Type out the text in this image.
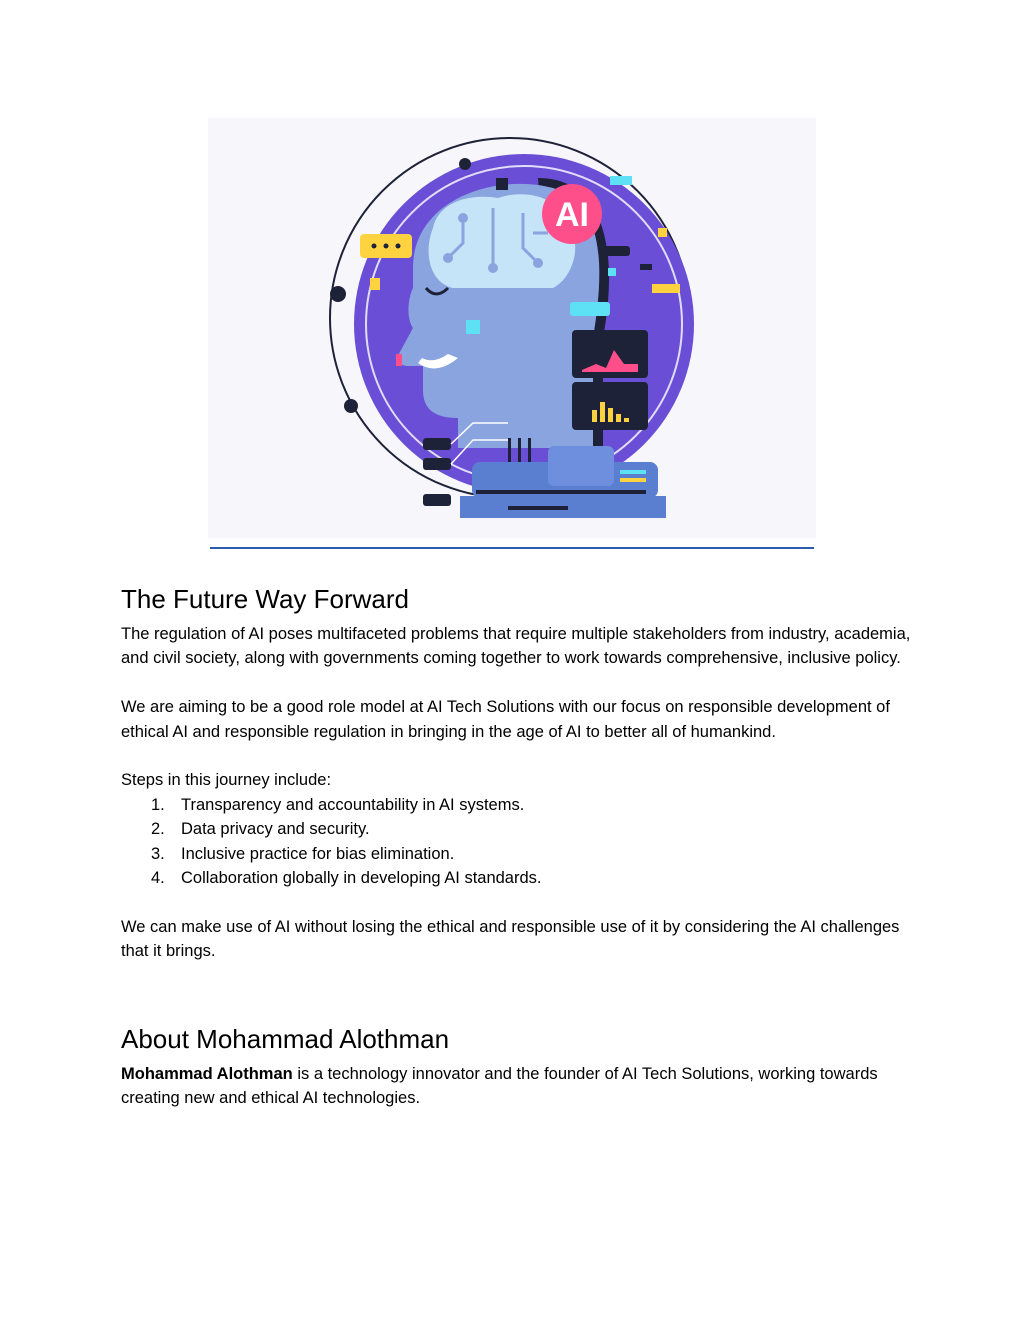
AI
The Future Way Forward

The regulation of AI poses multifaceted problems that require multiple stakeholders from industry, academia, and civil society, along with governments coming together to work towards comprehensive, inclusive policy.

We are aiming to be a good role model at AI Tech Solutions with our focus on responsible development of ethical AI and responsible regulation in bringing in the age of AI to better all of humankind.

Steps in this journey include:

1. Transparency and accountability in AI systems.
2. Data privacy and security.
3. Inclusive practice for bias elimination.
4. Collaboration globally in developing AI standards.

We can make use of AI without losing the ethical and responsible use of it by considering the AI challenges that it brings.

About Mohammad Alothman

Mohammad Alothman is a technology innovator and the founder of AI Tech Solutions, working towards creating new and ethical AI technologies.
